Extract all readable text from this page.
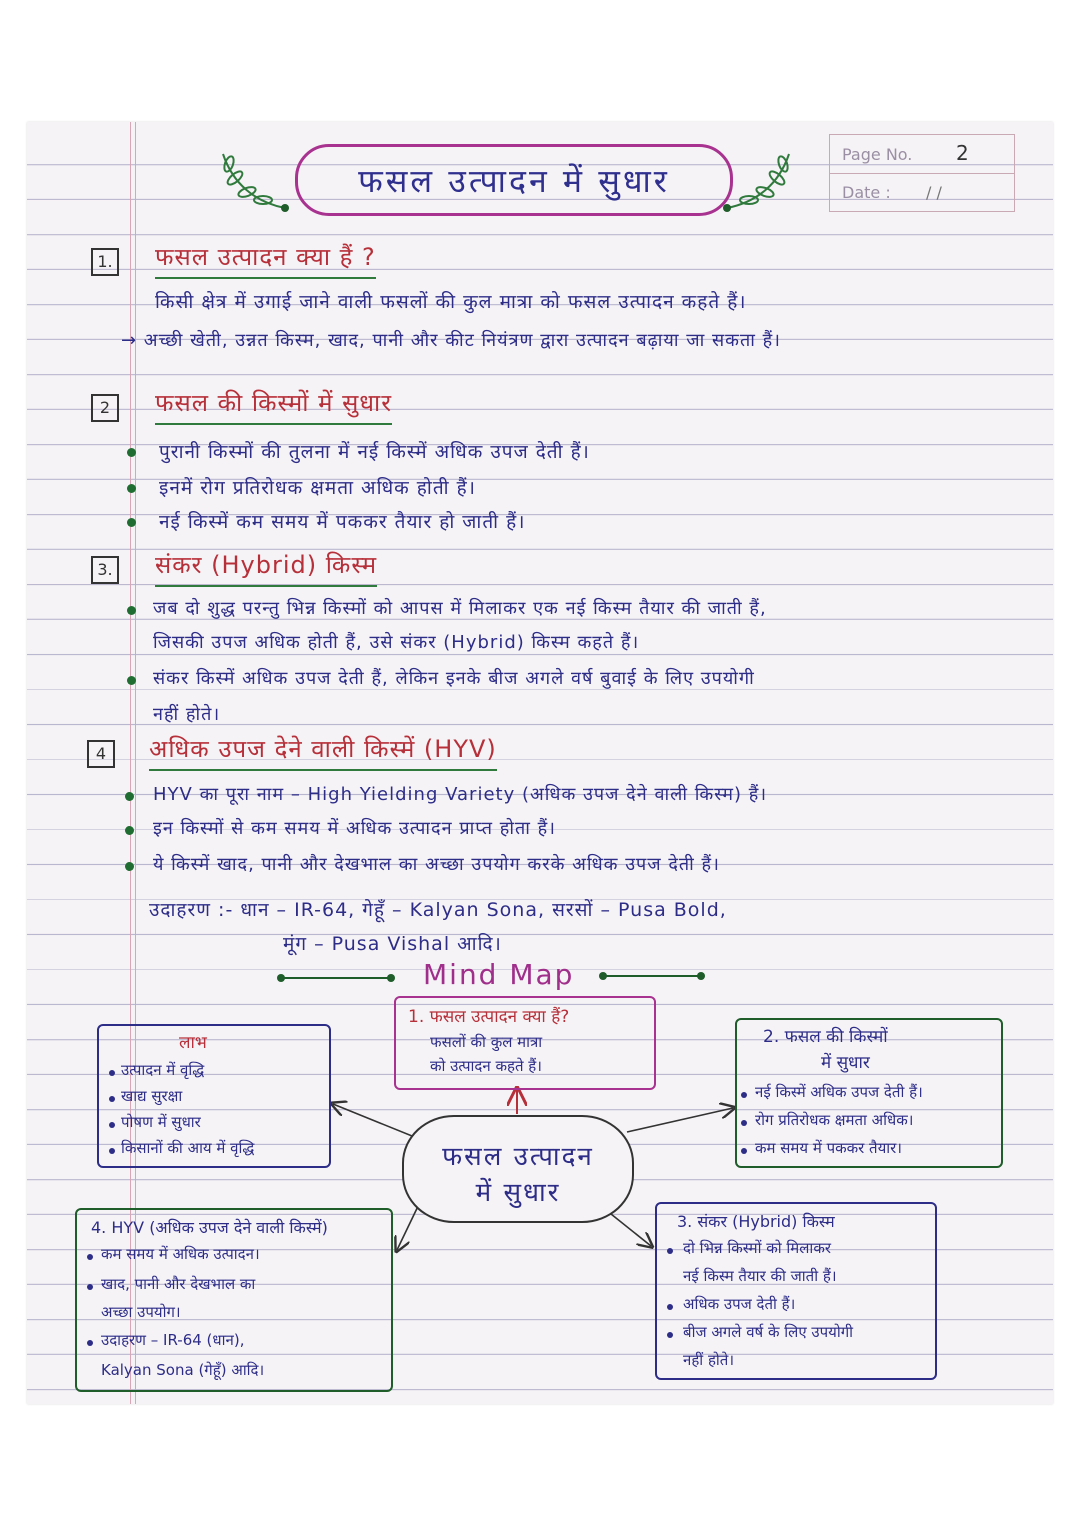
फसल उत्पादन में सुधार
Page No. 2
Date : / /
1. फसल उत्पादन क्या हैं ?
किसी क्षेत्र में उगाई जाने वाली फसलों की कुल मात्रा को फसल उत्पादन कहते हैं।
→ अच्छी खेती, उन्नत किस्म, खाद, पानी और कीट नियंत्रण द्वारा उत्पादन बढ़ाया जा सकता हैं।
2	फसल की किस्मों में सुधार
पुरानी किस्मों की तुलना में नई किस्में अधिक उपज देती हैं।
इनमें रोग प्रतिरोधक क्षमता अधिक होती हैं।
नई किस्में कम समय में पककर तैयार हो जाती हैं।
3. संकर (Hybrid) किस्म
जब दो शुद्ध परन्तु भिन्न किस्मों को आपस में मिलाकर एक नई किस्म तैयार की जाती हैं,
जिसकी उपज अधिक होती हैं, उसे संकर (Hybrid) किस्म कहते हैं।
संकर किस्में अधिक उपज देती हैं, लेकिन इनके बीज अगले वर्ष बुवाई के लिए उपयोगी
नहीं होते।
4	अधिक उपज देने वाली किस्में (HYV)
HYV का पूरा नाम – High Yielding Variety (अधिक उपज देने वाली किस्म) हैं।
इन किस्मों से कम समय में अधिक उत्पादन प्राप्त होता हैं।
ये किस्में खाद, पानी और देखभाल का अच्छा उपयोग करके अधिक उपज देती हैं।
उदाहरण :- धान – IR-64, गेहूँ – Kalyan Sona, सरसों – Pusa Bold,
मूंग – Pusa Vishal आदि।
Mind Map
1. फसल उत्पादन क्या हैं?
फसलों की कुल मात्रा
को उत्पादन कहते हैं।
लाभ
उत्पादन में वृद्धि
खाद्य सुरक्षा
पोषण में सुधार
किसानों की आय में वृद्धि
2. फसल की किस्मों
में सुधार
नई किस्में अधिक उपज देती हैं।
रोग प्रतिरोधक क्षमता अधिक।
कम समय में पककर तैयार।
फसल उत्पादन
में सुधार
4. HYV (अधिक उपज देने वाली किस्में)
कम समय में अधिक उत्पादन।
खाद, पानी और देखभाल का
अच्छा उपयोग।
उदाहरण – IR-64 (धान),
Kalyan Sona (गेहूँ) आदि।
3. संकर (Hybrid) किस्म
दो भिन्न किस्मों को मिलाकर
नई किस्म तैयार की जाती हैं।
अधिक उपज देती हैं।
बीज अगले वर्ष के लिए उपयोगी
नहीं होते।
